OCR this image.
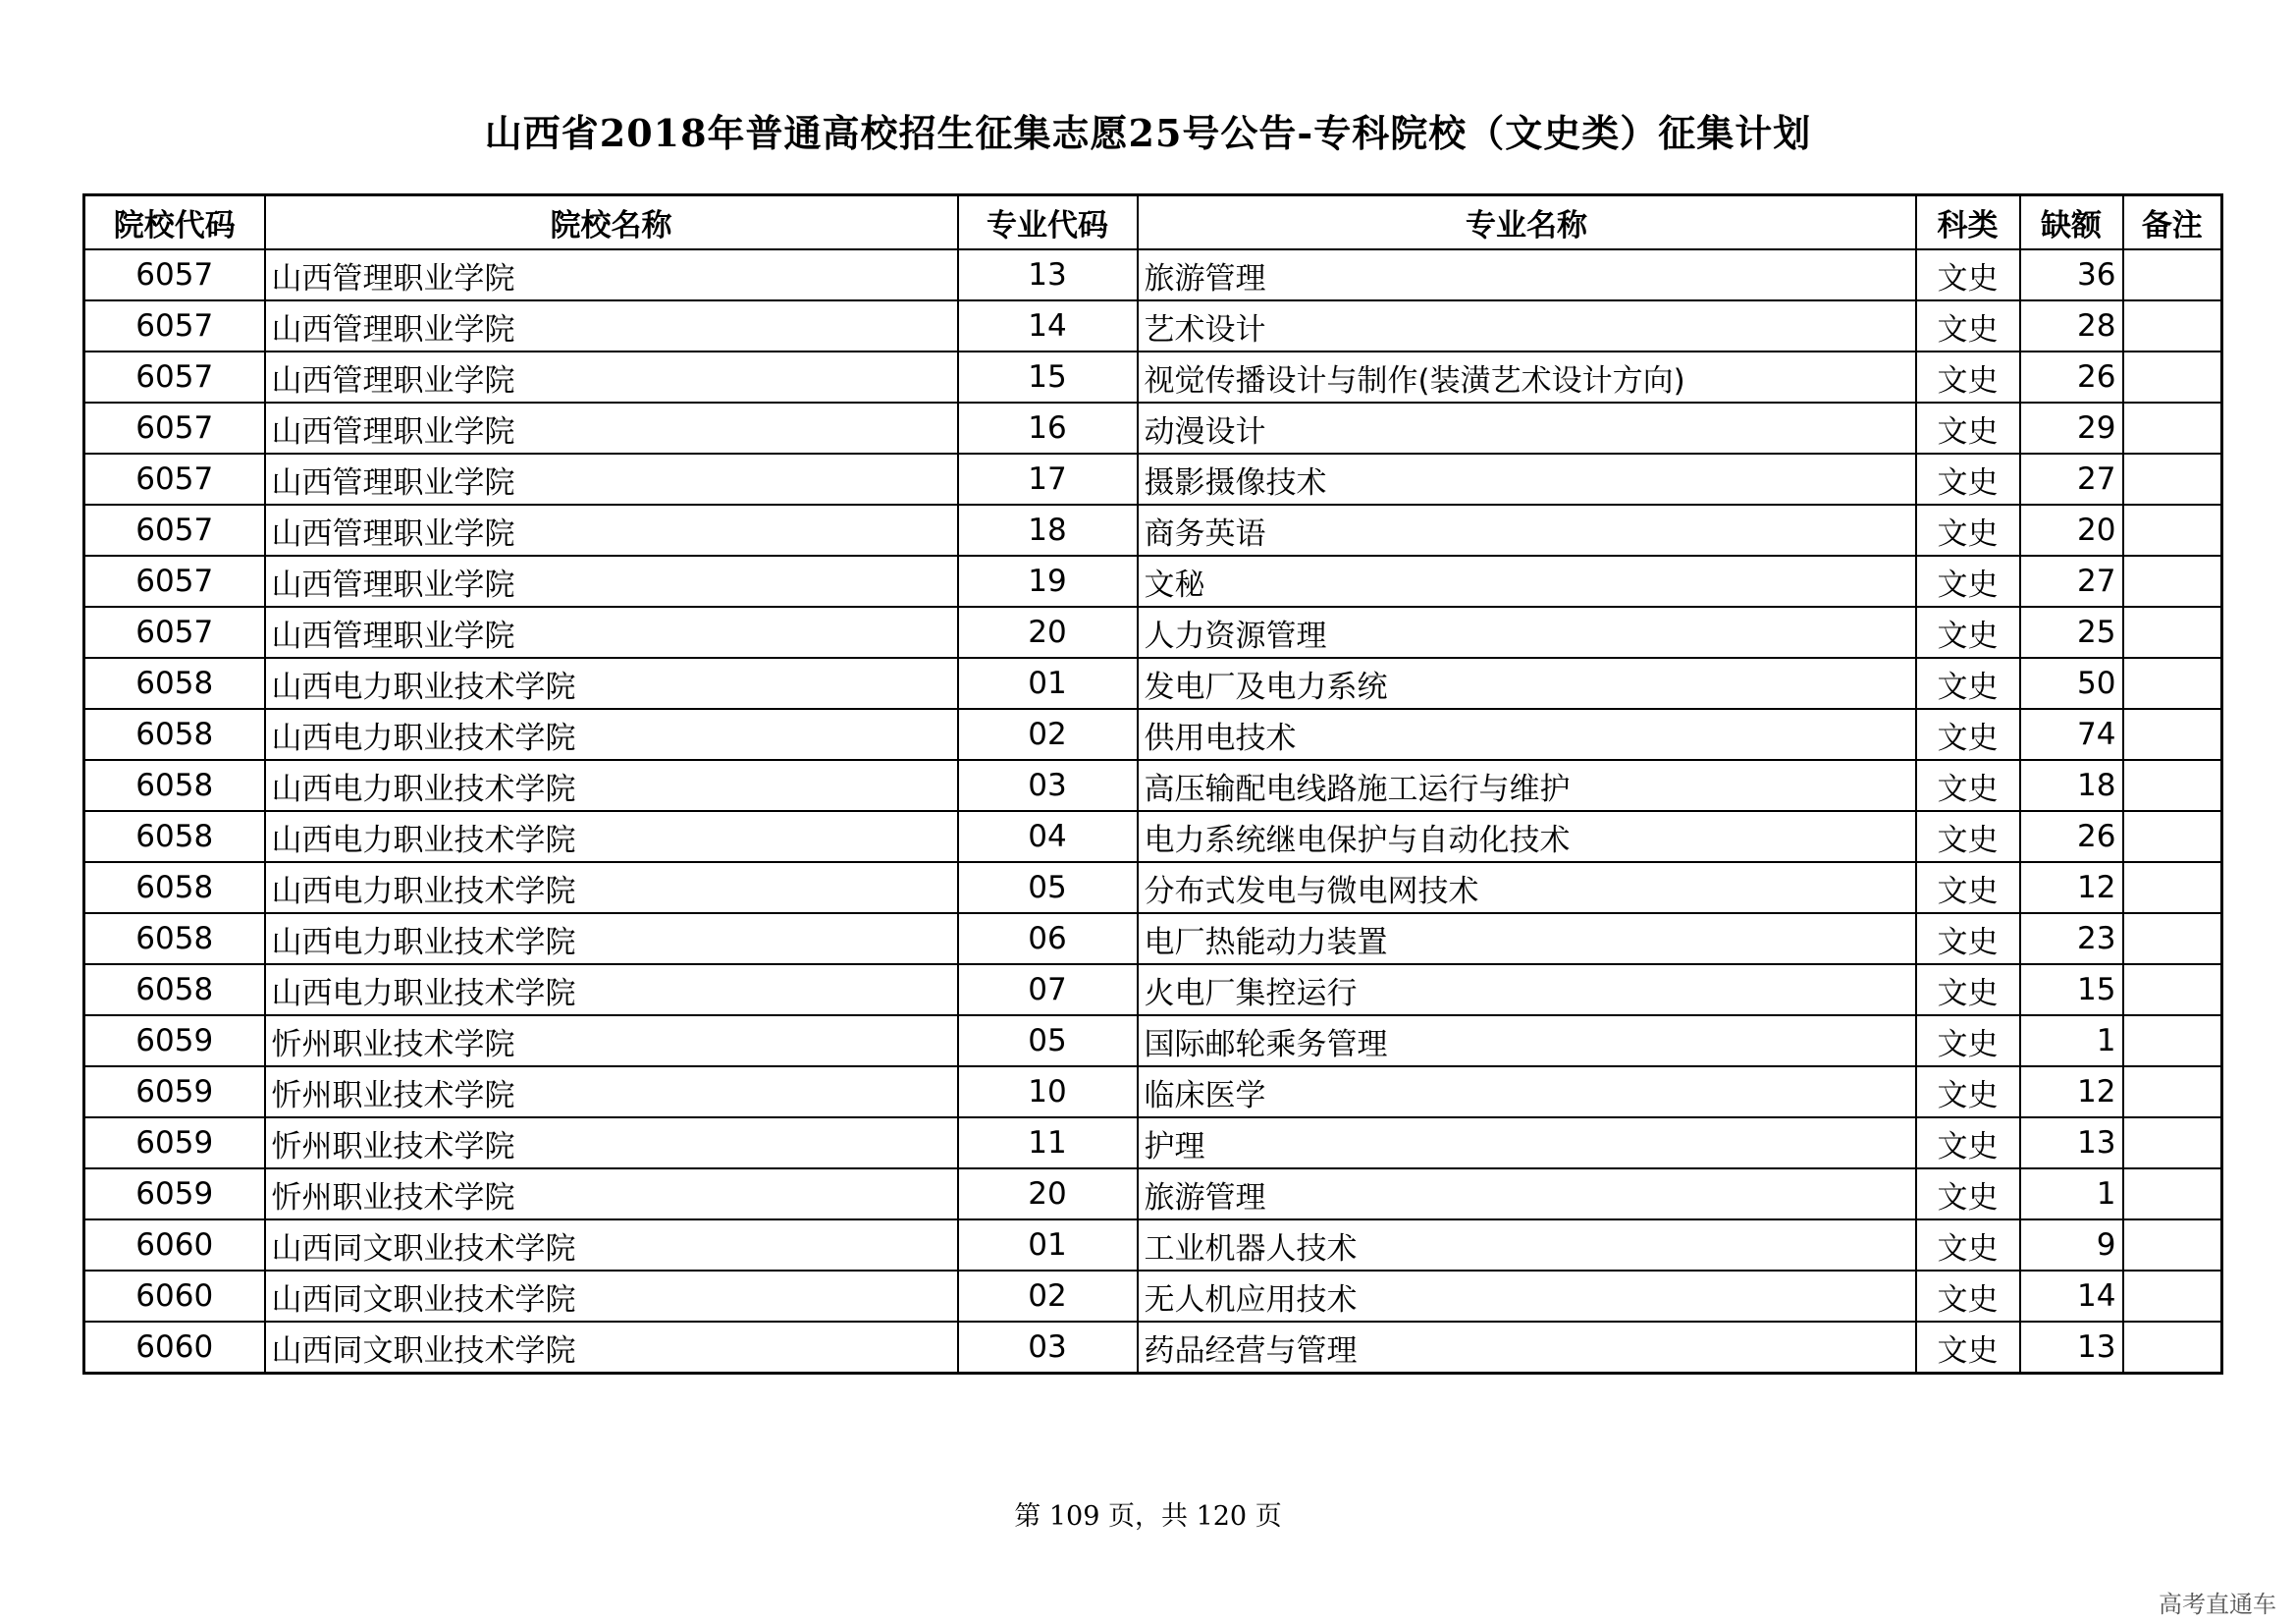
山西省2018年普通高校招生征集志愿25号公告-专科院校（文史类）征集计划
院校代码	院校名称	专业代码	专业名称	科类	缺额	备注
6057	山西管理职业学院	13	旅游管理	文史	36	
6057	山西管理职业学院	14	艺术设计	文史	28	
6057	山西管理职业学院	15	视觉传播设计与制作(装潢艺术设计方向)	文史	26	
6057	山西管理职业学院	16	动漫设计	文史	29	
6057	山西管理职业学院	17	摄影摄像技术	文史	27	
6057	山西管理职业学院	18	商务英语	文史	20	
6057	山西管理职业学院	19	文秘	文史	27	
6057	山西管理职业学院	20	人力资源管理	文史	25	
6058	山西电力职业技术学院	01	发电厂及电力系统	文史	50	
6058	山西电力职业技术学院	02	供用电技术	文史	74	
6058	山西电力职业技术学院	03	高压输配电线路施工运行与维护	文史	18	
6058	山西电力职业技术学院	04	电力系统继电保护与自动化技术	文史	26	
6058	山西电力职业技术学院	05	分布式发电与微电网技术	文史	12	
6058	山西电力职业技术学院	06	电厂热能动力装置	文史	23	
6058	山西电力职业技术学院	07	火电厂集控运行	文史	15	
6059	忻州职业技术学院	05	国际邮轮乘务管理	文史	1	
6059	忻州职业技术学院	10	临床医学	文史	12	
6059	忻州职业技术学院	11	护理	文史	13	
6059	忻州职业技术学院	20	旅游管理	文史	1	
6060	山西同文职业技术学院	01	工业机器人技术	文史	9	
6060	山西同文职业技术学院	02	无人机应用技术	文史	14	
6060	山西同文职业技术学院	03	药品经营与管理	文史	13	
第 109 页，共 120 页
高考直通车
